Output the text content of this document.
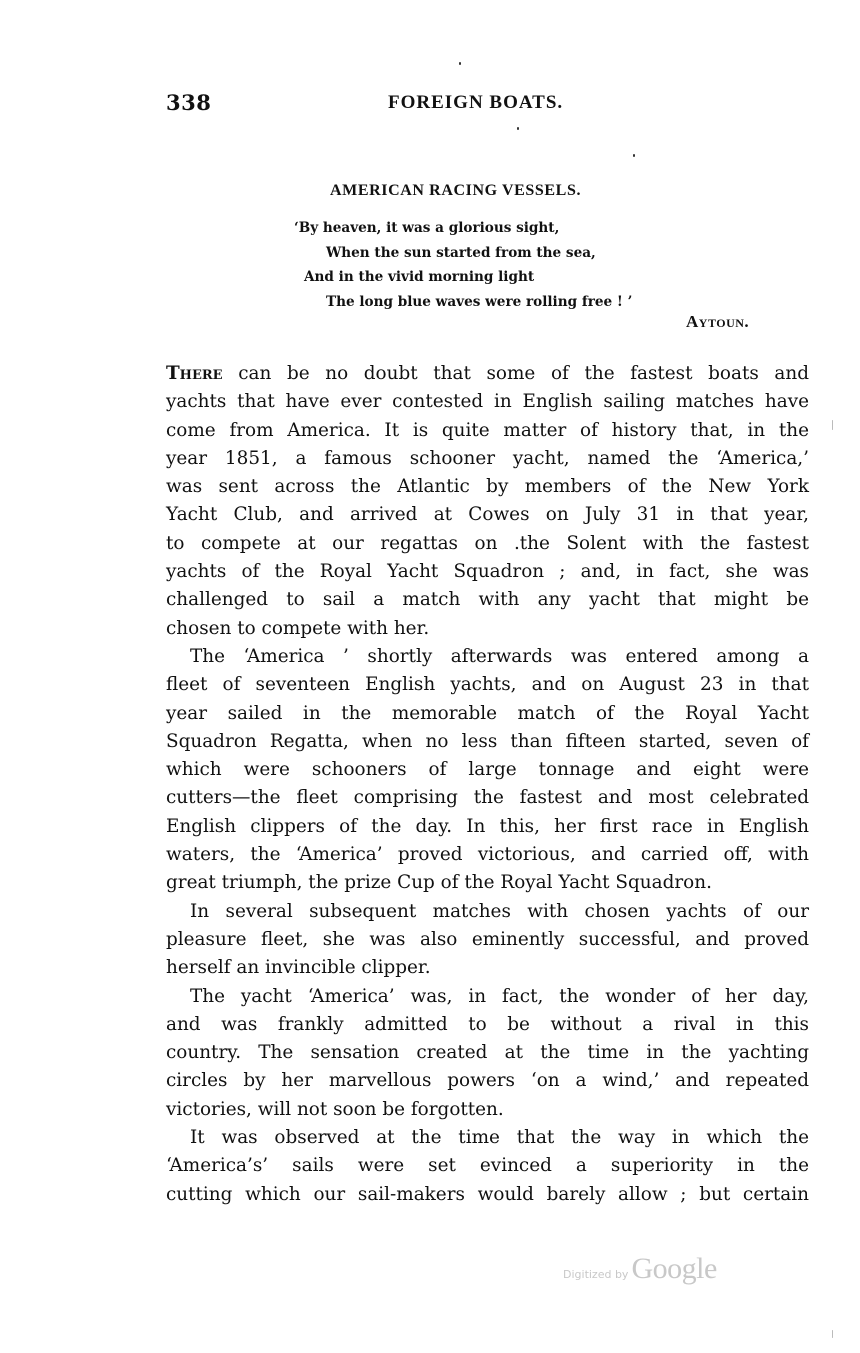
338	FOREIGN BOATS.
AMERICAN RACING VESSELS.
‘By heaven, it was a glorious sight,
When the sun started from the sea,
And in the vivid morning light
The long blue waves were rolling free ! ’
Aytoun.
There can be no doubt that some of the fastest boats and
yachts that have ever contested in English sailing matches have
come from America. It is quite matter of history that, in the
year 1851, a famous schooner yacht, named the ‘America,’
was sent across the Atlantic by members of the New York
Yacht Club, and arrived at Cowes on July 31 in that year,
to compete at our regattas on .the Solent with the fastest
yachts of the Royal Yacht Squadron ; and, in fact, she was
challenged to sail a match with any yacht that might be
chosen to compete with her.
The ‘America ’ shortly afterwards was entered among a
fleet of seventeen English yachts, and on August 23 in that
year sailed in the memorable match of the Royal Yacht
Squadron Regatta, when no less than fifteen started, seven of
which were schooners of large tonnage and eight were
cutters—the fleet comprising the fastest and most celebrated
English clippers of the day. In this, her first race in English
waters, the ‘America’ proved victorious, and carried off, with
great triumph, the prize Cup of the Royal Yacht Squadron.
In several subsequent matches with chosen yachts of our
pleasure fleet, she was also eminently successful, and proved
herself an invincible clipper.
The yacht ‘America’ was, in fact, the wonder of her day,
and was frankly admitted to be without a rival in this
country. The sensation created at the time in the yachting
circles by her marvellous powers ‘on a wind,’ and repeated
victories, will not soon be forgotten.
It was observed at the time that the way in which the
‘America’s’ sails were set evinced a superiority in the
cutting which our sail-makers would barely allow ; but certain
Digitized by Google
